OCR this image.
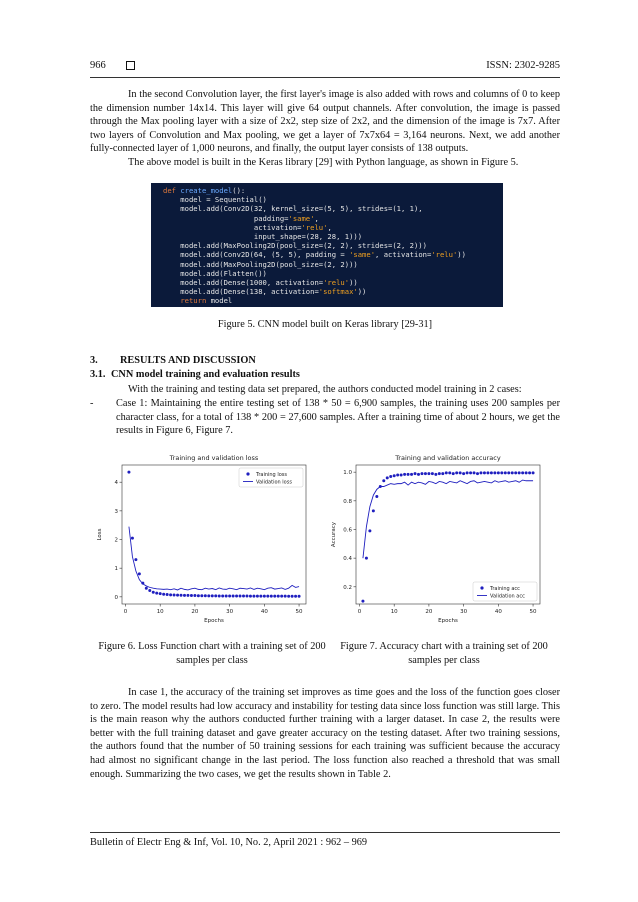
966	ISSN: 2302-9285

In the second Convolution layer, the first layer's image is also added with rows and columns of 0 to keep the dimension number 14x14. This layer will give 64 output channels. After convolution, the image is passed through the Max pooling layer with a size of 2x2, step size of 2x2, and the dimension of the image is 7x7. After two layers of Convolution and Max pooling, we get a layer of 7x7x64 = 3,164 neurons. Next, we add another fully-connected layer of 1,000 neurons, and finally, the output layer consists of 138 outputs.

The above model is built in the Keras library [29] with Python language, as shown in Figure 5.

def create_model():
model = Sequential()
model.add(Conv2D(32, kernel_size=(5, 5), strides=(1, 1),
padding='same',
activation='relu',
input_shape=(28, 28, 1)))
model.add(MaxPooling2D(pool_size=(2, 2), strides=(2, 2)))
model.add(Conv2D(64, (5, 5), padding = 'same', activation='relu'))
model.add(MaxPooling2D(pool_size=(2, 2)))
model.add(Flatten())
model.add(Dense(1000, activation='relu'))
model.add(Dense(138, activation='softmax'))
return model

Figure 5. CNN model built on Keras library [29-31]

3. RESULTS AND DISCUSSION

3.1. CNN model training and evaluation results

With the training and testing data set prepared, the authors conducted model training in 2 cases:

- Case 1: Maintaining the entire testing set of 138 * 50 = 6,900 samples, the training uses 200 samples per character class, for a total of 138 * 200 = 27,600 samples. After a training time of about 2 hours, we get the results in Figure 6, Figure 7.
Training and validation loss
0	10	20	30	40	50
0
1
2
3
4
Epochs
Loss
Training loss
Validation loss
Training and validation accuracy
0	10	20	30	40	50
0.2
0.4
0.6
0.8
1.0
Epochs
Accuracy
Training acc
Validation acc

Figure 6. Loss Function chart with a training set of 200 samples per class

Figure 7. Accuracy chart with a training set of 200 samples per class

In case 1, the accuracy of the training set improves as time goes and the loss of the function goes closer to zero. The model results had low accuracy and instability for testing data since loss function was still large. This is the main reason why the authors conducted further training with a larger dataset. In case 2, the results were better with the full training dataset and gave greater accuracy on the testing dataset. After two training sessions, the authors found that the number of 50 training sessions for each training was sufficient because the accuracy had almost no significant change in the last period. The loss function also reached a threshold that was small enough. Summarizing the two cases, we get the results shown in Table 2.

Bulletin of Electr Eng & Inf, Vol. 10, No. 2, April 2021 : 962 – 969
